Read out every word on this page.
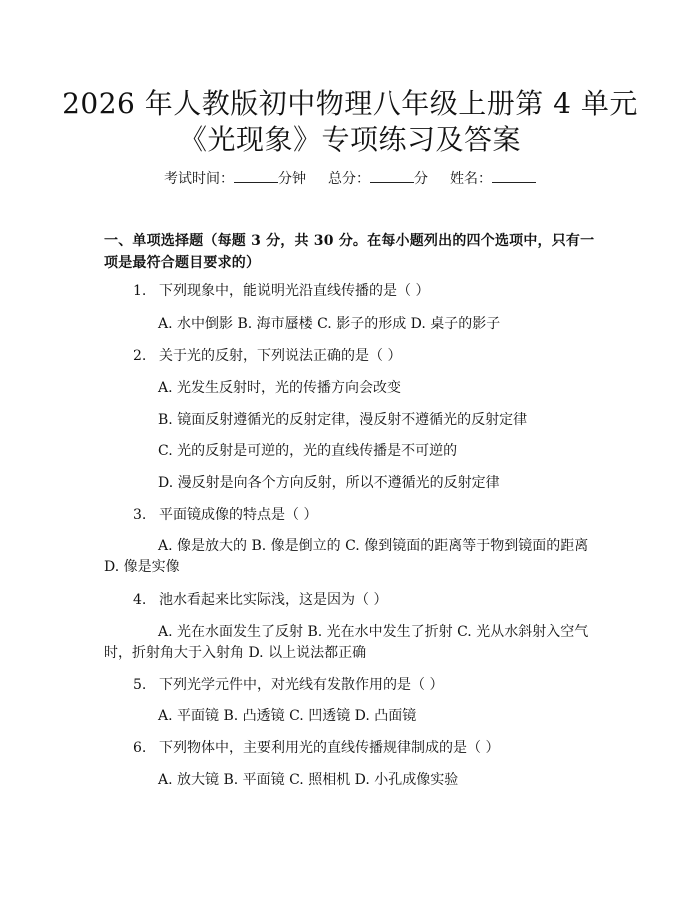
2026 年人教版初中物理八年级上册第 4 单元
《光现象》专项练习及答案
考试时间：	分钟 总分：	分 姓名：
一、单项选择题（每题 3 分，共 30 分。在每小题列出的四个选项中，只有一项是最符合题目要求的）
1. 下列现象中，能说明光沿直线传播的是（ ）
A. 水中倒影 B. 海市蜃楼 C. 影子的形成 D. 桌子的影子
2. 关于光的反射，下列说法正确的是（ ）
A. 光发生反射时，光的传播方向会改变
B. 镜面反射遵循光的反射定律，漫反射不遵循光的反射定律
C. 光的反射是可逆的，光的直线传播是不可逆的
D. 漫反射是向各个方向反射，所以不遵循光的反射定律
3. 平面镜成像的特点是（ ）
A. 像是放大的 B. 像是倒立的 C. 像到镜面的距离等于物到镜面的距离
D. 像是实像
4. 池水看起来比实际浅，这是因为（ ）
A. 光在水面发生了反射 B. 光在水中发生了折射 C. 光从水斜射入空气
时，折射角大于入射角 D. 以上说法都正确
5. 下列光学元件中，对光线有发散作用的是（ ）
A. 平面镜 B. 凸透镜 C. 凹透镜 D. 凸面镜
6. 下列物体中，主要利用光的直线传播规律制成的是（ ）
A. 放大镜 B. 平面镜 C. 照相机 D. 小孔成像实验
